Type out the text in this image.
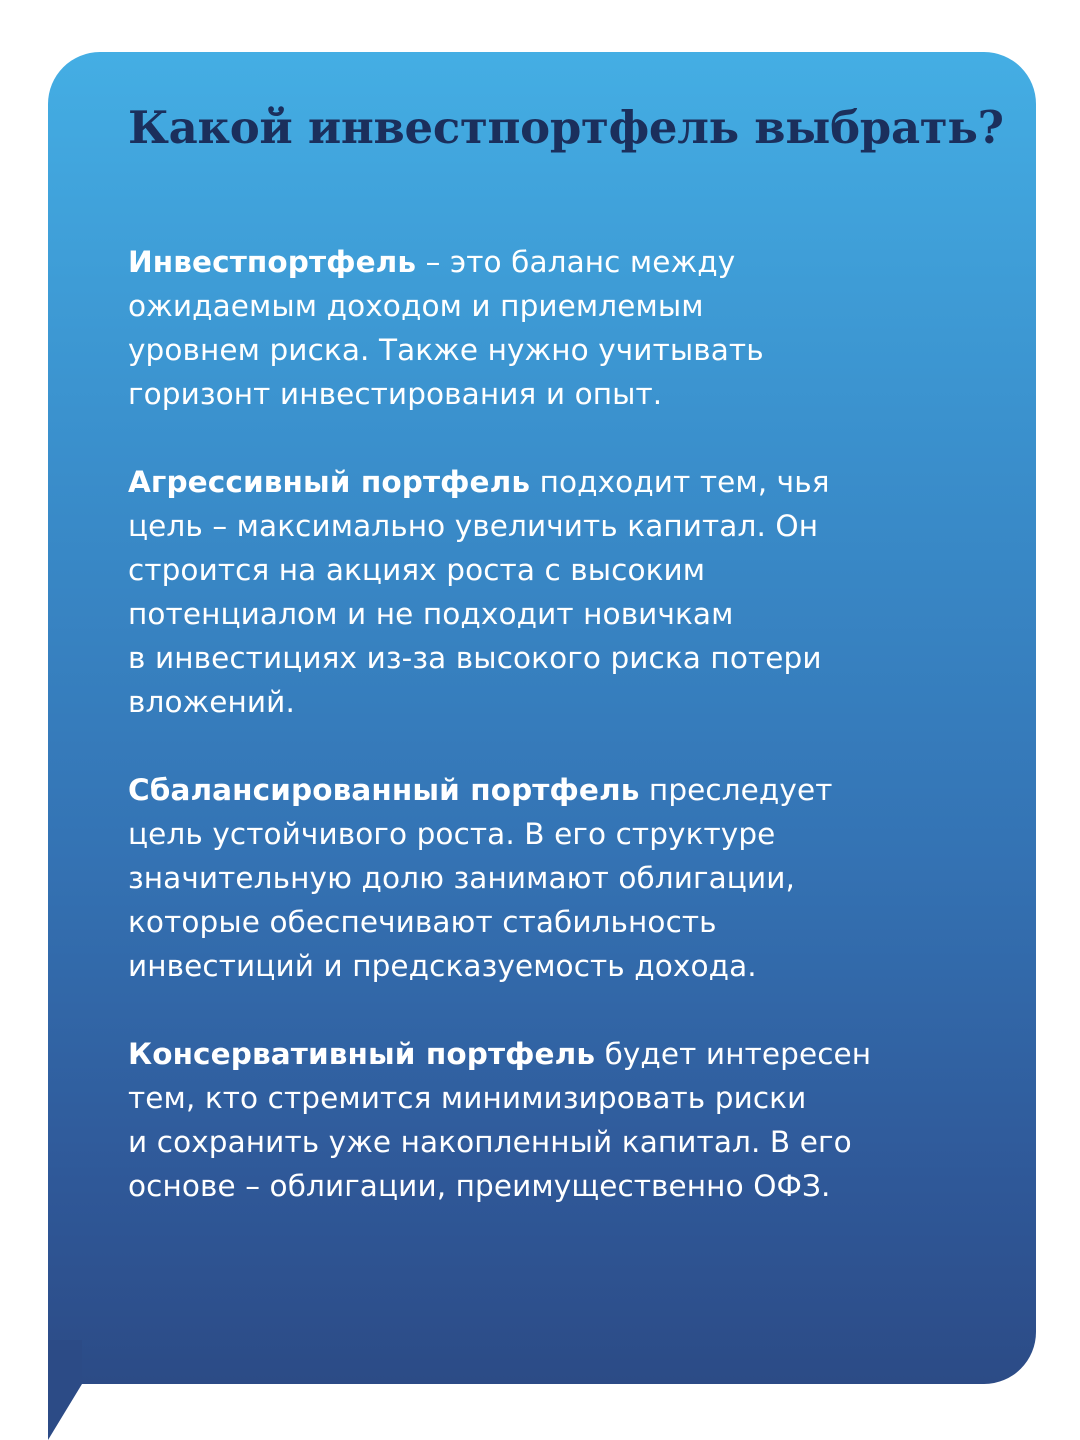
Какой инвестпортфель выбрать?

Инвестпортфель – это баланс между
ожидаемым доходом и приемлемым
уровнем риска. Также нужно учитывать
горизонт инвестирования и опыт.

Агрессивный портфель подходит тем, чья
цель – максимально увеличить капитал. Он
строится на акциях роста с высоким
потенциалом и не подходит новичкам
в инвестициях из-за высокого риска потери
вложений.

Сбалансированный портфель преследует
цель устойчивого роста. В его структуре
значительную долю занимают облигации,
которые обеспечивают стабильность
инвестиций и предсказуемость дохода.

Консервативный портфель будет интересен
тем, кто стремится минимизировать риски
и сохранить уже накопленный капитал. В его
основе – облигации, преимущественно ОФЗ.
